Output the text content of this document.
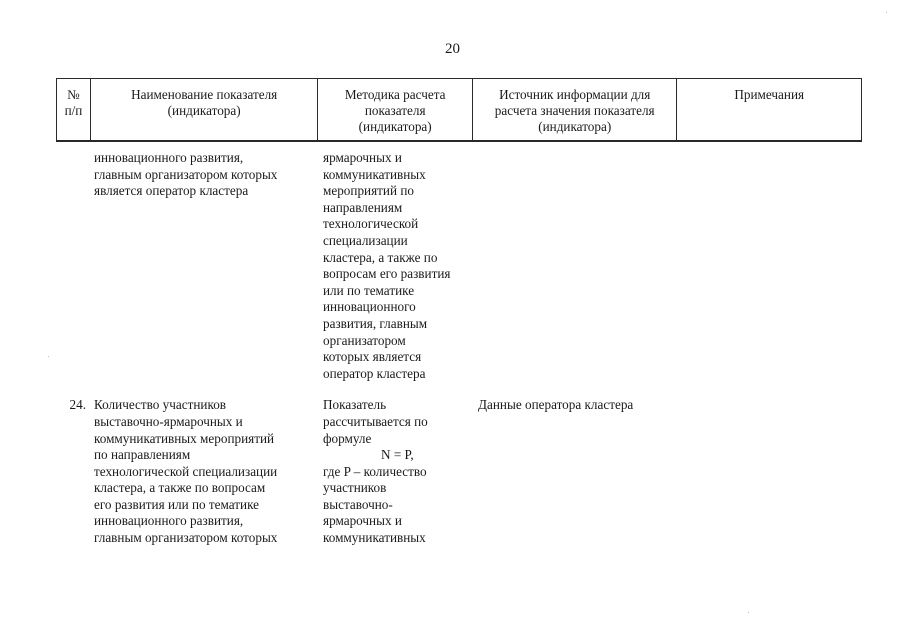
20
№
п/п
Наименование показателя
(индикатора)
Методика расчета
показателя
(индикатора)
Источник информации для
расчета значения показателя
(индикатора)
Примечания
инновационного развития,
главным организатором которых
является оператор кластера
ярмарочных и
коммуникативных
мероприятий по
направлениям
технологической
специализации
кластера, а также по
вопросам его развития
или по тематике
инновационного
развития, главным
организатором
которых является
оператор кластера
24. Количество участников
выставочно-ярмарочных и
коммуникативных мероприятий
по направлениям
технологической специализации
кластера, а также по вопросам
его развития или по тематике
инновационного развития,
главным организатором которых
Показатель
рассчитывается по
формуле
N = P,
где P – количество
участников
выставочно-
ярмарочных и
коммуникативных
Данные оператора кластера
